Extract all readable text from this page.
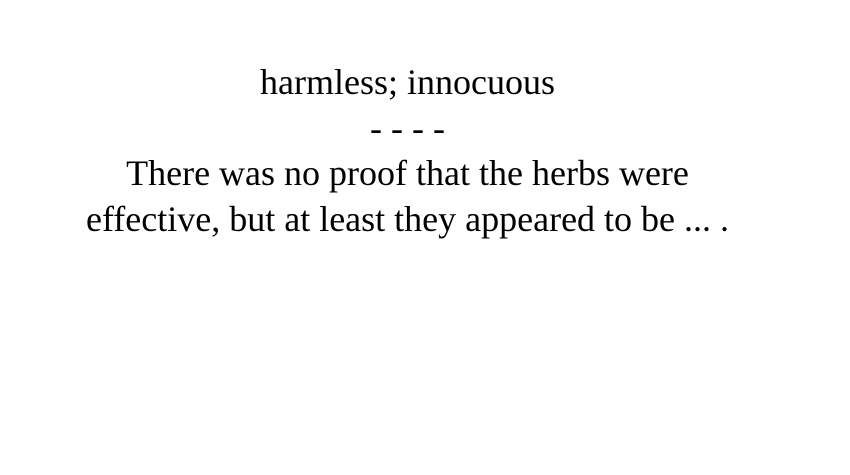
harmless; innocuous
- - - -
There was no proof that the herbs were
effective, but at least they appeared to be ... .
